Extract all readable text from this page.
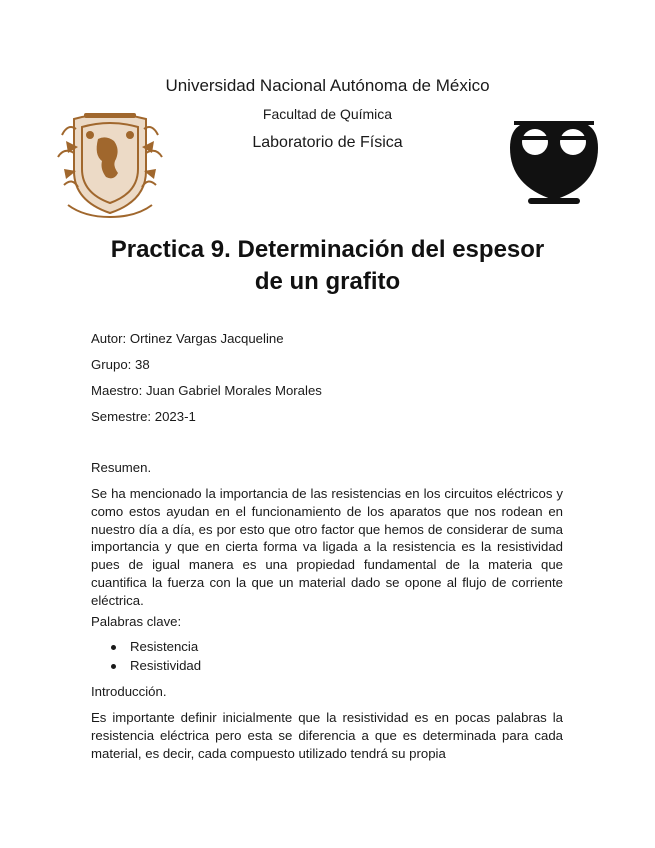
Universidad Nacional Autónoma de México
Facultad de Química
Laboratorio de Física
Practica 9. Determinación del espesor
de un grafito
Autor: Ortinez Vargas Jacqueline
Grupo: 38
Maestro: Juan Gabriel Morales Morales
Semestre: 2023-1
Resumen.
Se ha mencionado la importancia de las resistencias en los circuitos eléctricos y como estos ayudan en el funcionamiento de los aparatos que nos rodean en nuestro día a día, es por esto que otro factor que hemos de considerar de suma importancia y que en cierta forma va ligada a la resistencia es la resistividad pues de igual manera es una propiedad fundamental de la materia que cuantifica la fuerza con la que un material dado se opone al flujo de corriente eléctrica.
Palabras clave:
Resistencia
Resistividad
Introducción.
Es importante definir inicialmente que la resistividad es en pocas palabras la resistencia eléctrica pero esta se diferencia a que es determinada para cada material, es decir, cada compuesto utilizado tendrá su propia
